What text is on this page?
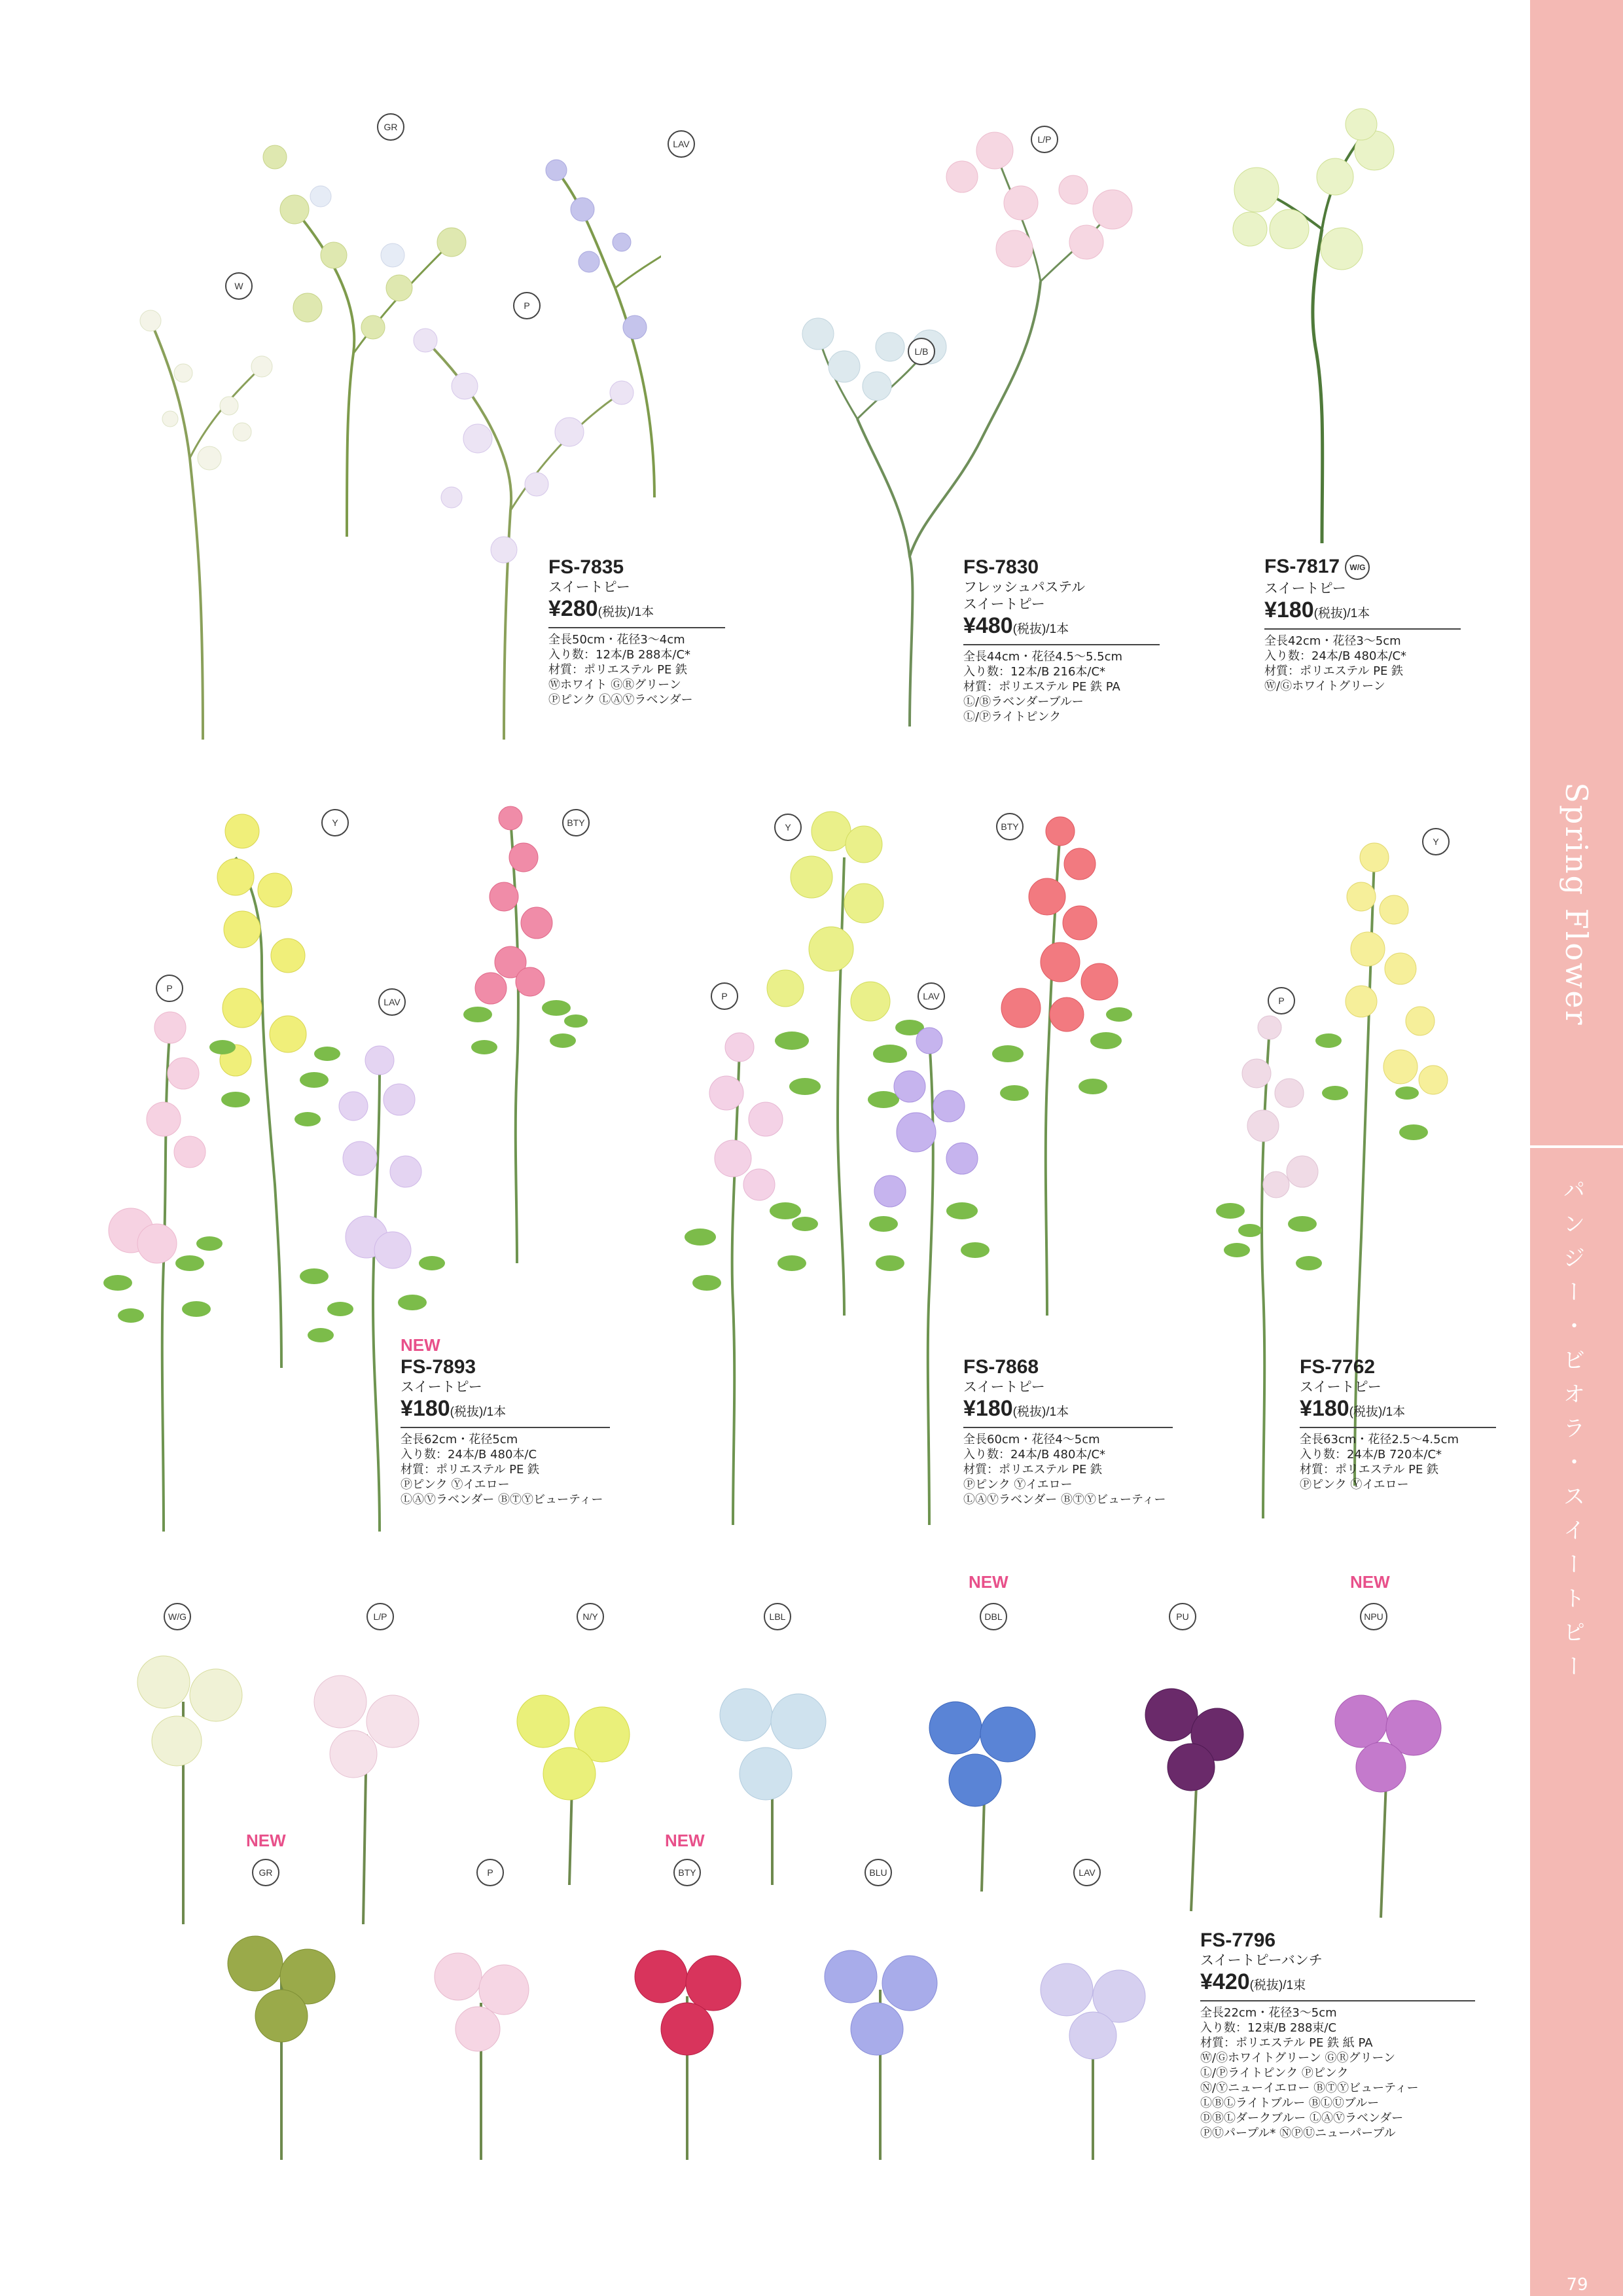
Spring Flower
パンジー・ビオラ・スイートピー
79
W
GR
P
LAV	L/P
L/B
FS-7835
スイートピー
¥280(税抜)/1本
全長50cm・花径3〜4cm
入り数：12本/B 288本/C*
材質：ポリエステル PE 鉄
Ⓦホワイト ⒼⓇグリーン
Ⓟピンク ⓁⒶⓋラベンダー
FS-7830
フレッシュパステル
スイートピー
¥480(税抜)/1本
全長44cm・花径4.5〜5.5cm
入り数：12本/B 216本/C*
材質：ポリエステル PE 鉄 PA
Ⓛ/Ⓑラベンダーブルー
Ⓛ/Ⓟライトピンク
FS-7817 W/G
スイートピー
¥180(税抜)/1本
全長42cm・花径3〜5cm
入り数：24本/B 480本/C*
材質：ポリエステル PE 鉄
Ⓦ/Ⓖホワイトグリーン
NEW
Y	BTY
P
LAV
Y	BTY
P	LAV
Y
P
FS-7893
スイートピー
¥180(税抜)/1本
全長62cm・花径5cm
入り数：24本/B 480本/C
材質：ポリエステル PE 鉄
Ⓟピンク Ⓨイエロー
ⓁⒶⓋラベンダー ⒷⓉⓎビューティー
FS-7868
スイートピー
¥180(税抜)/1本
全長60cm・花径4〜5cm
入り数：24本/B 480本/C*
材質：ポリエステル PE 鉄
Ⓟピンク Ⓨイエロー
ⓁⒶⓋラベンダー ⒷⓉⓎビューティー
FS-7762
スイートピー
¥180(税抜)/1本
全長63cm・花径2.5〜4.5cm
入り数：24本/B 720本/C*
材質：ポリエステル PE 鉄
Ⓟピンク Ⓨイエロー
W/G	L/P	N/Y	LBL
NEW
DBL	PU
NEW
NPU
NEW
GR	P
NEW
BTY	BLU	LAV
FS-7796
スイートピーバンチ
¥420(税抜)/1束
全長22cm・花径3〜5cm
入り数：12束/B 288束/C
材質：ポリエステル PE 鉄 紙 PA
Ⓦ/Ⓖホワイトグリーン ⒼⓇグリーン
Ⓛ/Ⓟライトピンク Ⓟピンク
Ⓝ/Ⓨニューイエロー ⒷⓉⓎビューティー
ⓁⒷⓁライトブルー ⒷⓁⓊブルー
ⒹⒷⓁダークブルー ⓁⒶⓋラベンダー
ⓅⓊパープル* ⓃⓅⓊニューパープル
